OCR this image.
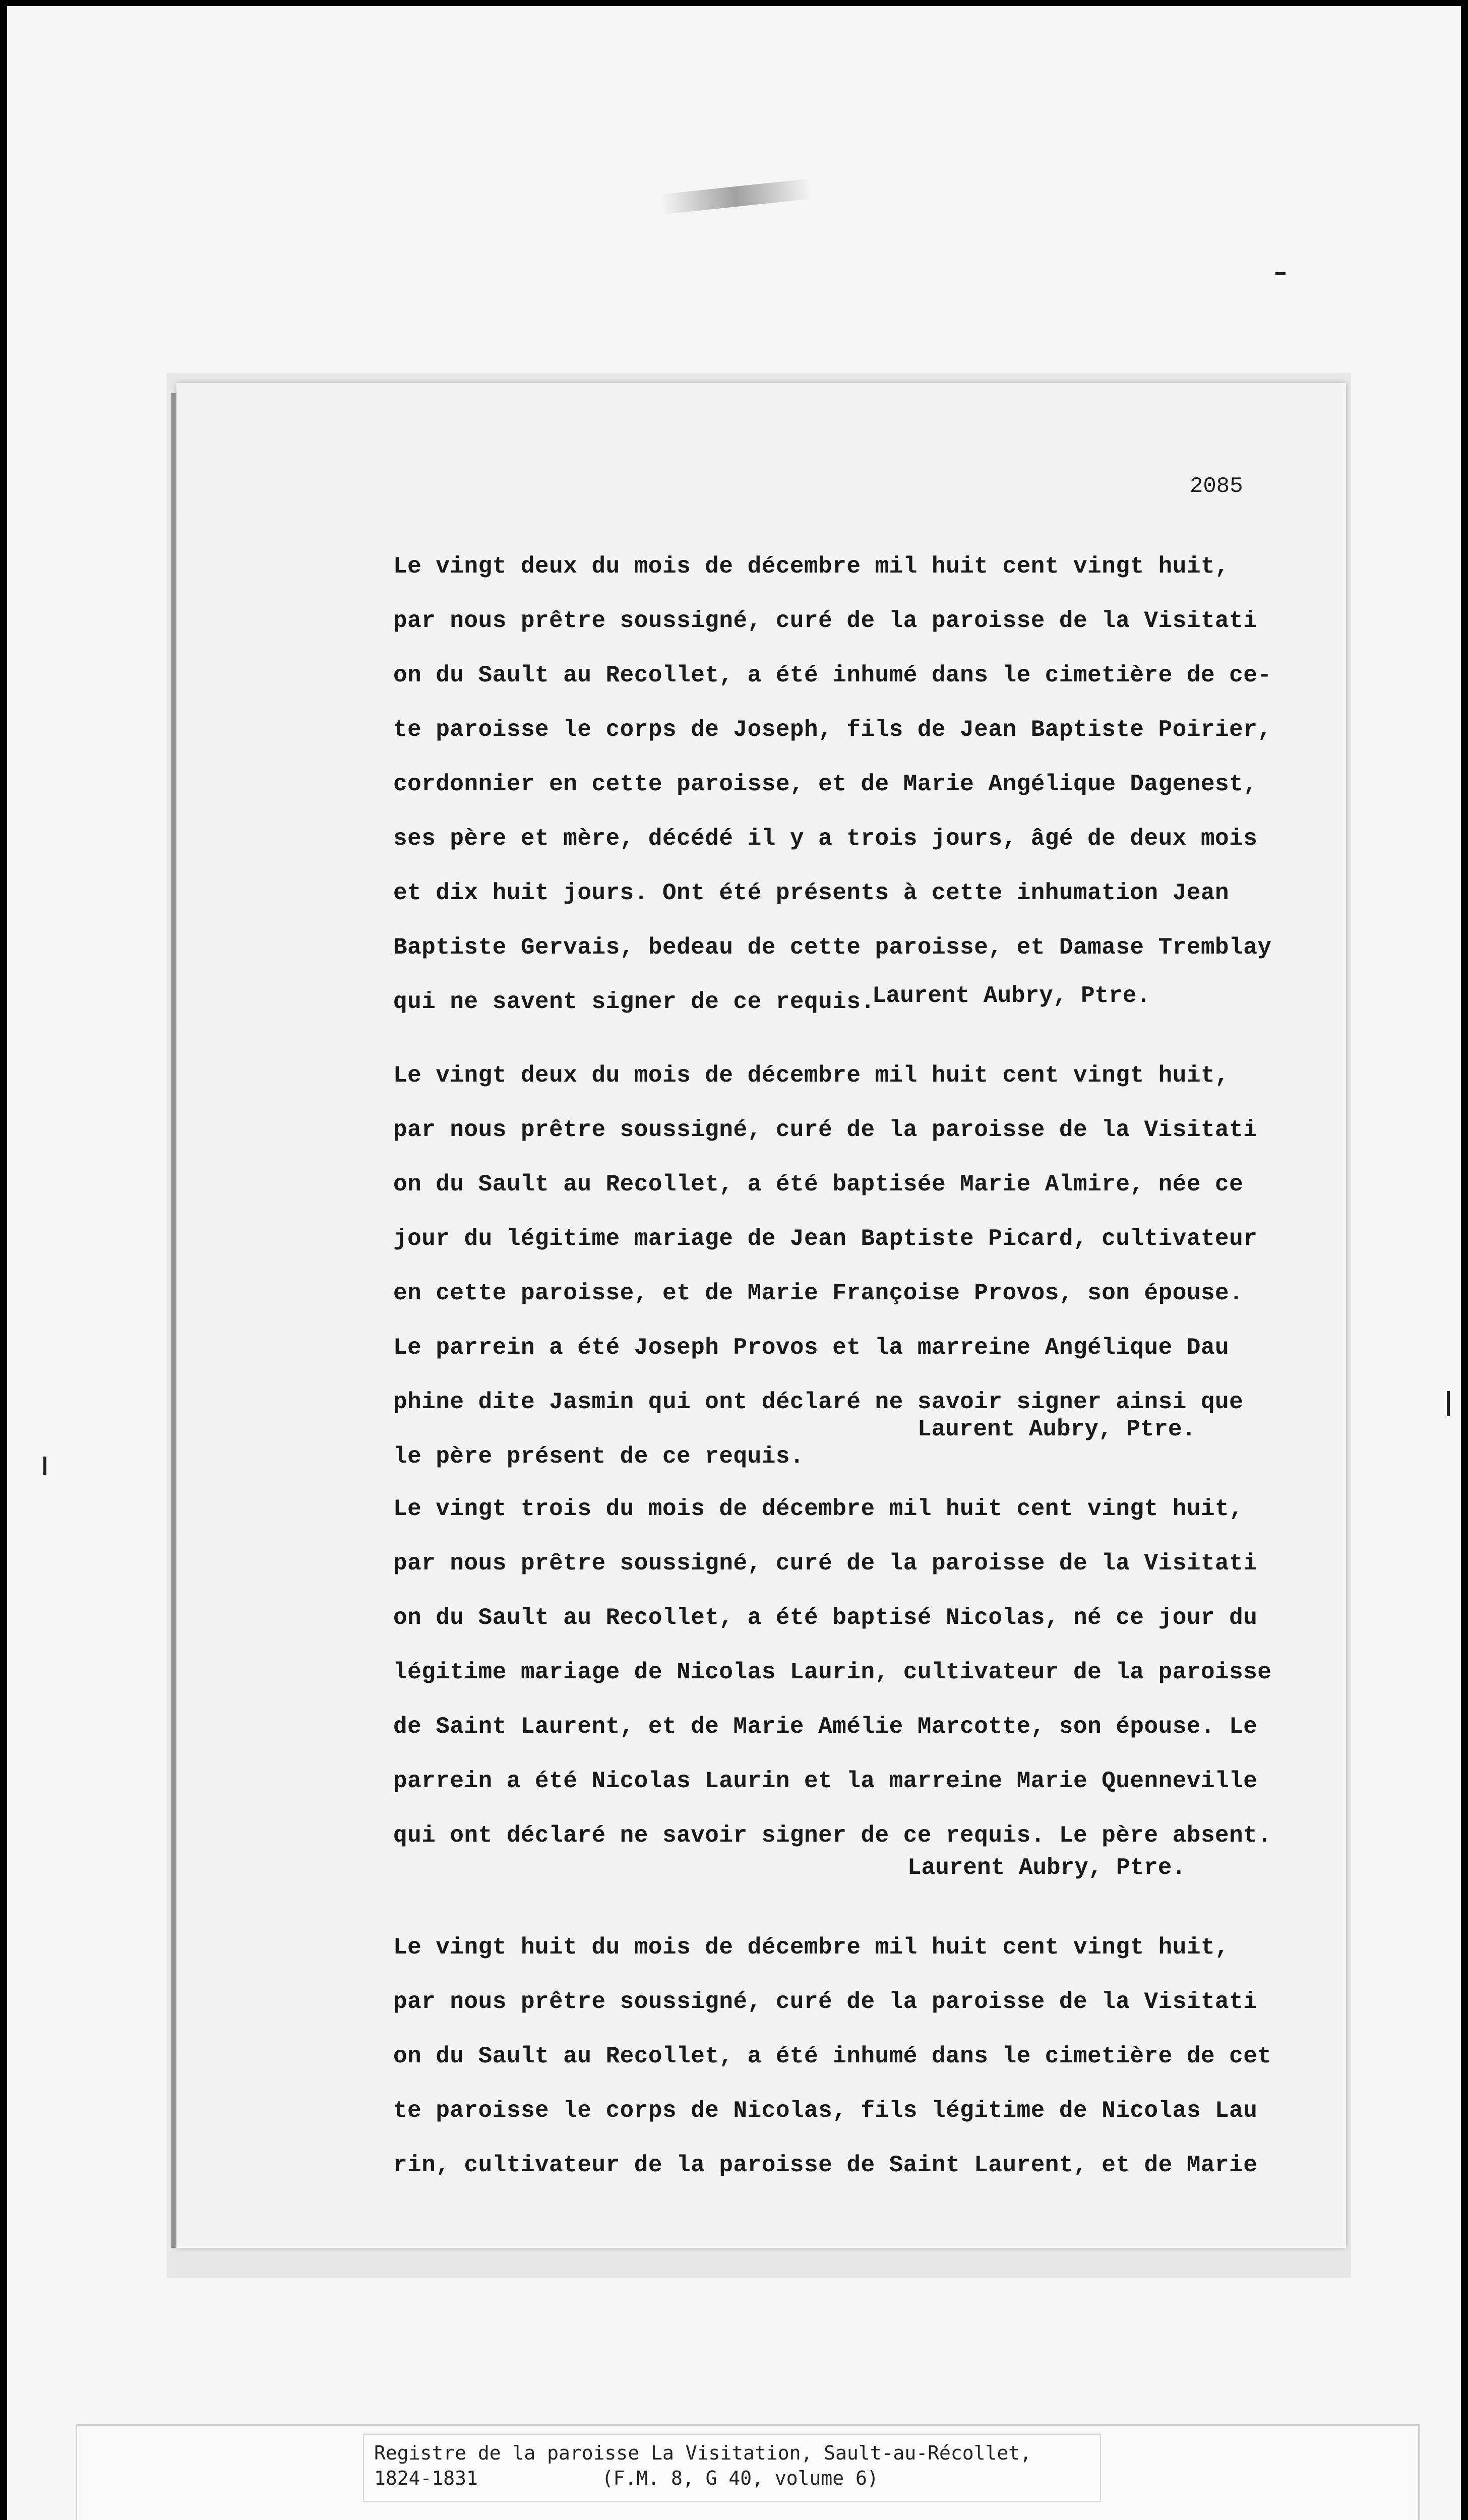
2085
Le vingt deux du mois de décembre mil huit cent vingt huit,
par nous prêtre soussigné, curé de la paroisse de la Visitati
on du Sault au Recollet, a été inhumé dans le cimetière de ce-
te paroisse le corps de Joseph, fils de Jean Baptiste Poirier,
cordonnier en cette paroisse, et de Marie Angélique Dagenest,
ses père et mère, décédé il y a trois jours, âgé de deux mois
et dix huit jours. Ont été présents à cette inhumation Jean
Baptiste Gervais, bedeau de cette paroisse, et Damase Tremblay
qui ne savent signer de ce requis.
Laurent Aubry, Ptre.
Le vingt deux du mois de décembre mil huit cent vingt huit,
par nous prêtre soussigné, curé de la paroisse de la Visitati
on du Sault au Recollet, a été baptisée Marie Almire, née ce
jour du légitime mariage de Jean Baptiste Picard, cultivateur
en cette paroisse, et de Marie Françoise Provos, son épouse.
Le parrein a été Joseph Provos et la marreine Angélique Dau
phine dite Jasmin qui ont déclaré ne savoir signer ainsi que
le père présent de ce requis.
Laurent Aubry, Ptre.
Le vingt trois du mois de décembre mil huit cent vingt huit,
par nous prêtre soussigné, curé de la paroisse de la Visitati
on du Sault au Recollet, a été baptisé Nicolas, né ce jour du
légitime mariage de Nicolas Laurin, cultivateur de la paroisse
de Saint Laurent, et de Marie Amélie Marcotte, son épouse. Le
parrein a été Nicolas Laurin et la marreine Marie Quenneville
qui ont déclaré ne savoir signer de ce requis. Le père absent.
Laurent Aubry, Ptre.
Le vingt huit du mois de décembre mil huit cent vingt huit,
par nous prêtre soussigné, curé de la paroisse de la Visitati
on du Sault au Recollet, a été inhumé dans le cimetière de cet
te paroisse le corps de Nicolas, fils légitime de Nicolas Lau
rin, cultivateur de la paroisse de Saint Laurent, et de Marie
Registre de la paroisse La Visitation, Sault-au-Récollet,
1824-1831	(F.M. 8, G 40, volume 6)
